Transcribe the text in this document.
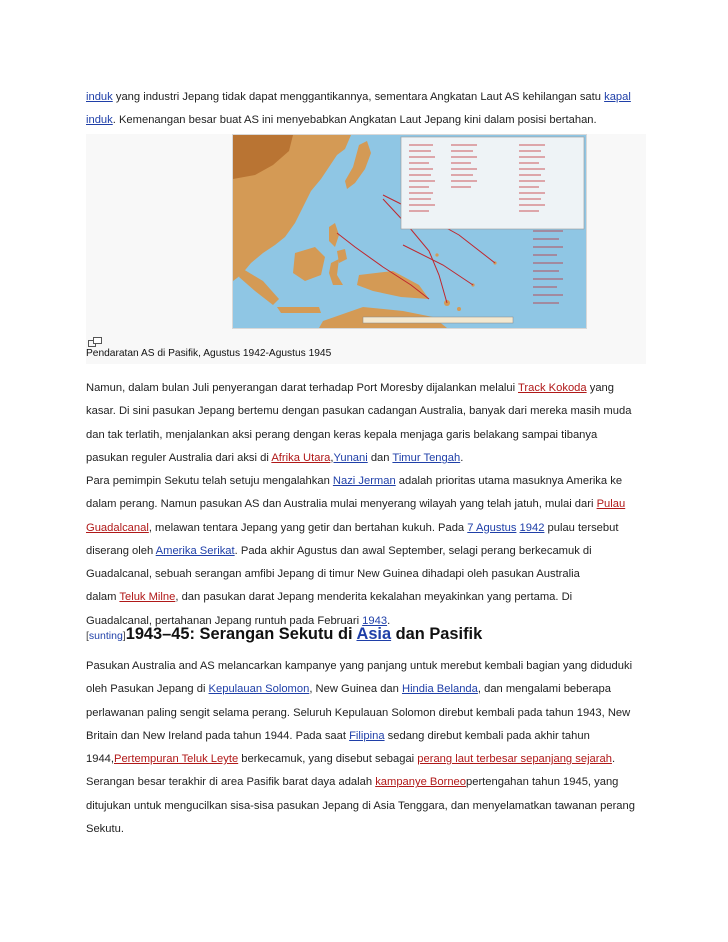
induk yang industri Jepang tidak dapat menggantikannya, sementara Angkatan Laut AS kehilangan satu kapal

induk. Kemenangan besar buat AS ini menyebabkan Angkatan Laut Jepang kini dalam posisi bertahan.

Pendaratan AS di Pasifik, Agustus 1942-Agustus 1945

Namun, dalam bulan Juli penyerangan darat terhadap Port Moresby dijalankan melalui Track Kokoda yang

kasar. Di sini pasukan Jepang bertemu dengan pasukan cadangan Australia, banyak dari mereka masih muda

dan tak terlatih, menjalankan aksi perang dengan keras kepala menjaga garis belakang sampai tibanya

pasukan reguler Australia dari aksi di Afrika Utara,Yunani dan Timur Tengah.

Para pemimpin Sekutu telah setuju mengalahkan Nazi Jerman adalah prioritas utama masuknya Amerika ke

dalam perang. Namun pasukan AS dan Australia mulai menyerang wilayah yang telah jatuh, mulai dari Pulau

Guadalcanal, melawan tentara Jepang yang getir dan bertahan kukuh. Pada 7 Agustus 1942 pulau tersebut

diserang oleh Amerika Serikat. Pada akhir Agustus dan awal September, selagi perang berkecamuk di

Guadalcanal, sebuah serangan amfibi Jepang di timur New Guinea dihadapi oleh pasukan Australia

dalam Teluk Milne, dan pasukan darat Jepang menderita kekalahan meyakinkan yang pertama. Di

Guadalcanal, pertahanan Jepang runtuh pada Februari 1943.

[sunting]1943–45: Serangan Sekutu di Asia dan Pasifik

Pasukan Australia and AS melancarkan kampanye yang panjang untuk merebut kembali bagian yang diduduki

oleh Pasukan Jepang di Kepulauan Solomon, New Guinea dan Hindia Belanda, dan mengalami beberapa

perlawanan paling sengit selama perang. Seluruh Kepulauan Solomon direbut kembali pada tahun 1943, New

Britain dan New Ireland pada tahun 1944. Pada saat Filipina sedang direbut kembali pada akhir tahun

1944,Pertempuran Teluk Leyte berkecamuk, yang disebut sebagai perang laut terbesar sepanjang sejarah.

Serangan besar terakhir di area Pasifik barat daya adalah kampanye Borneopertengahan tahun 1945, yang

ditujukan untuk mengucilkan sisa-sisa pasukan Jepang di Asia Tenggara, dan menyelamatkan tawanan perang

Sekutu.
